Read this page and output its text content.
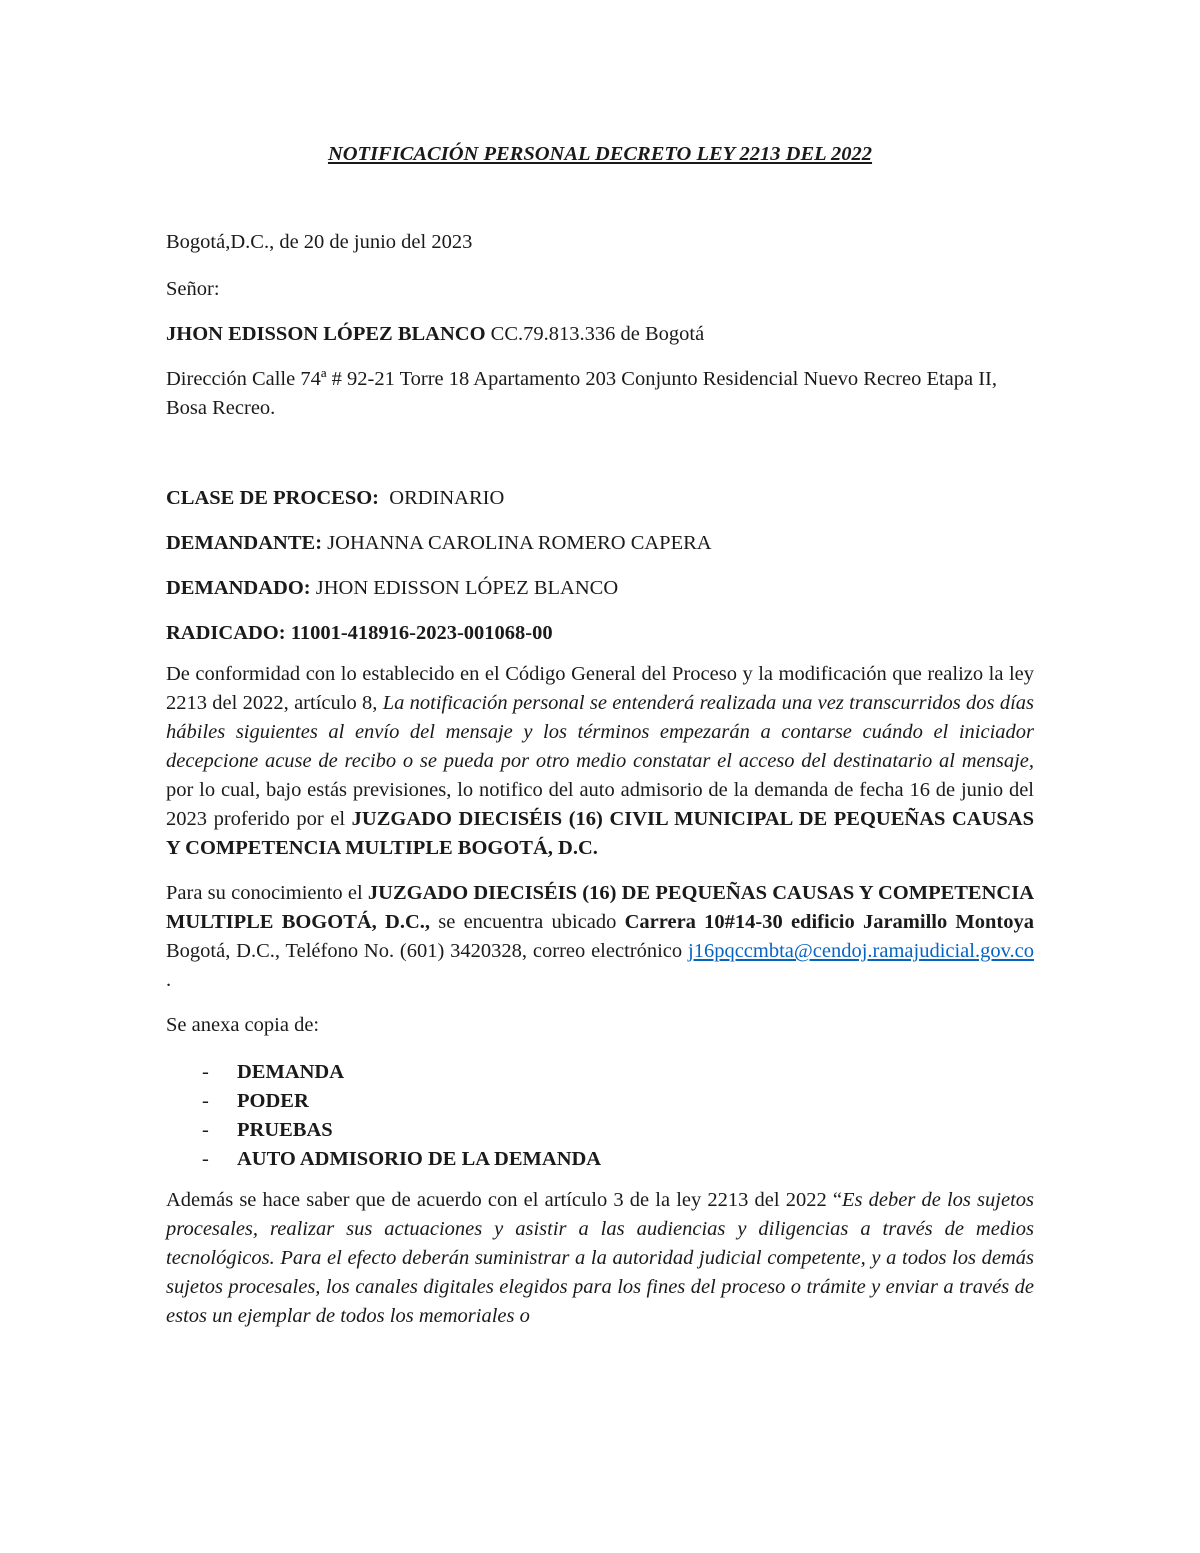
NOTIFICACIÓN PERSONAL DECRETO LEY 2213 DEL 2022

Bogotá,D.C., de 20 de junio del 2023

Señor:

JHON EDISSON LÓPEZ BLANCO CC.79.813.336 de Bogotá

Dirección Calle 74ª # 92-21 Torre 18 Apartamento 203 Conjunto Residencial Nuevo Recreo Etapa II, Bosa Recreo.

CLASE DE PROCESO:  ORDINARIO

DEMANDANTE: JOHANNA CAROLINA ROMERO CAPERA

DEMANDADO: JHON EDISSON LÓPEZ BLANCO

RADICADO: 11001-418916-2023-001068-00

De conformidad con lo establecido en el Código General del Proceso y la modificación que realizo la ley 2213 del 2022, artículo 8, La notificación personal se entenderá realizada una vez transcurridos dos días hábiles siguientes al envío del mensaje y los términos empezarán a contarse cuándo el iniciador decepcione acuse de recibo o se pueda por otro medio constatar el acceso del destinatario al mensaje, por lo cual, bajo estás previsiones, lo notifico del auto admisorio de la demanda de fecha 16 de junio del 2023 proferido por el JUZGADO DIECISÉIS (16) CIVIL MUNICIPAL DE PEQUEÑAS CAUSAS Y COMPETENCIA MULTIPLE BOGOTÁ, D.C.

Para su conocimiento el JUZGADO DIECISÉIS (16) DE PEQUEÑAS CAUSAS Y COMPETENCIA MULTIPLE BOGOTÁ, D.C., se encuentra ubicado Carrera 10#14-30 edificio Jaramillo Montoya Bogotá, D.C., Teléfono No. (601) 3420328, correo electrónico j16pqccmbta@cendoj.ramajudicial.gov.co .

Se anexa copia de:

- DEMANDA
- PODER
- PRUEBAS
- AUTO ADMISORIO DE LA DEMANDA

Además se hace saber que de acuerdo con el artículo 3 de la ley 2213 del 2022 “Es deber de los sujetos procesales, realizar sus actuaciones y asistir a las audiencias y diligencias a través de medios tecnológicos. Para el efecto deberán suministrar a la autoridad judicial competente, y a todos los demás sujetos procesales, los canales digitales elegidos para los fines del proceso o trámite y enviar a través de estos un ejemplar de todos los memoriales o
